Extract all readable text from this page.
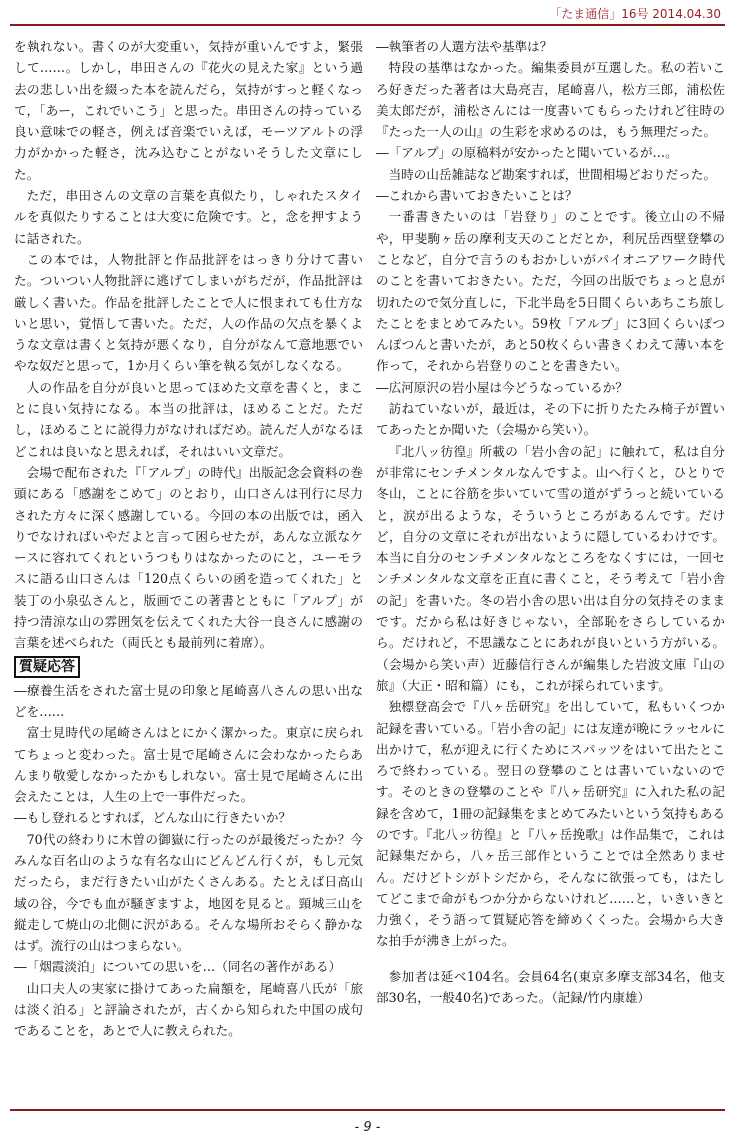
「たま通信」16号 2014.04.30

を執れない。書くのが大変重い，気持が重いんですよ，緊張して……。しかし，串田さんの『花火の見えた家』という過去の悲しい出を綴った本を読んだら，気持がすっと軽くなって，「あー，これでいこう」と思った。串田さんの持っている良い意味での軽さ，例えば音楽でいえば，モーツアルトの浮力がかかった軽さ，沈み込むことがないそうした文章にした。

ただ，串田さんの文章の言葉を真似たり，しゃれたスタイルを真似たりすることは大変に危険です。と，念を押すように話された。

この本では，人物批評と作品批評をはっきり分けて書いた。ついつい人物批評に逃げてしまいがちだが，作品批評は厳しく書いた。作品を批評したことで人に恨まれても仕方ないと思い，覚悟して書いた。ただ，人の作品の欠点を暴くような文章は書くと気持が悪くなり，自分がなんて意地悪でいやな奴だと思って，1か月くらい筆を執る気がしなくなる。

人の作品を自分が良いと思ってほめた文章を書くと，まことに良い気持になる。本当の批評は，ほめることだ。ただし，ほめることに説得力がなければだめ。読んだ人がなるほどこれは良いなと思えれば，それはいい文章だ。

会場で配布された『「アルプ」の時代』出版記念会資料の巻頭にある「感謝をこめて」のとおり，山口さんは刊行に尽力された方々に深く感謝している。今回の本の出版では，函入りでなければいやだよと言って困らせたが，あんな立派なケースに容れてくれというつもりはなかったのにと，ユーモラスに語る山口さんは「120点くらいの函を造ってくれた」と装丁の小泉弘さんと，版画でこの著書とともに「アルプ」が持つ清涼な山の雰囲気を伝えてくれた大谷一良さんに感謝の言葉を述べられた（両氏とも最前列に着席）。

質疑応答

―療養生活をされた富士見の印象と尾崎喜八さんの思い出などを……

富士見時代の尾崎さんはとにかく潔かった。東京に戻られてちょっと変わった。富士見で尾崎さんに会わなかったらあんまり敬愛しなかったかもしれない。富士見で尾崎さんに出会えたことは，人生の上で一事件だった。

―もし登れるとすれば，どんな山に行きたいか？

70代の終わりに木曽の御嶽に行ったのが最後だったか？今みんな百名山のような有名な山にどんどん行くが，もし元気だったら，まだ行きたい山がたくさんある。たとえば日高山域の谷，今でも血が騒ぎますよ，地図を見ると。頸城三山を縦走して焼山の北側に沢がある。そんな場所おそらく静かなはず。流行の山はつまらない。

―「烟霞淡泊」についての思いを…（同名の著作がある）

山口夫人の実家に掛けてあった扁額を，尾崎喜八氏が「旅は淡く泊る」と評論されたが，古くから知られた中国の成句であることを，あとで人に教えられた。

―執筆者の人選方法や基準は？

特段の基準はなかった。編集委員が互選した。私の若いころ好きだった著者は大島亮吉，尾崎喜八，松方三郎，浦松佐美太郎だが，浦松さんには一度書いてもらったけれど往時の『たった一人の山』の生彩を求めるのは，もう無理だった。

―「アルプ」の原稿料が安かったと聞いているが…。

当時の山岳雑誌など勘案すれば，世間相場どおりだった。

―これから書いておきたいことは？

一番書きたいのは「岩登り」のことです。後立山の不帰や，甲斐駒ヶ岳の摩利支天のことだとか，利尻岳西壁登攀のことなど，自分で言うのもおかしいがパイオニアワーク時代のことを書いておきたい。ただ，今回の出版でちょっと息が切れたので気分直しに，下北半島を5日間くらいあちこち旅したことをまとめてみたい。59枚「アルプ」に3回くらいぽつんぽつんと書いたが，あと50枚くらい書きくわえて薄い本を作って，それから岩登りのことを書きたい。

―広河原沢の岩小屋は今どうなっているか？

訪ねていないが，最近は，その下に折りたたみ椅子が置いてあったとか聞いた（会場から笑い）。

『北八ッ彷徨』所載の「岩小舎の記」に触れて，私は自分が非常にセンチメンタルなんですよ。山へ行くと，ひとりで冬山，ことに谷筋を歩いていて雪の道がずうっと続いていると，涙が出るような，そういうところがあるんです。だけど，自分の文章にそれが出ないように隠しているわけです。本当に自分のセンチメンタルなところをなくすには，一回センチメンタルな文章を正直に書くこと，そう考えて「岩小舎の記」を書いた。冬の岩小舎の思い出は自分の気持そのままです。だから私は好きじゃない，全部恥をさらしているから。だけれど，不思議なことにあれが良いという方がいる。（会場から笑い声）近藤信行さんが編集した岩波文庫『山の旅』（大正・昭和篇）にも，これが採られています。

独標登高会で『八ヶ岳研究』を出していて，私もいくつか記録を書いている。「岩小舎の記」には友達が晩にラッセルに出かけて，私が迎えに行くためにスパッツをはいて出たところで終わっている。翌日の登攀のことは書いていないのです。そのときの登攀のことや『八ヶ岳研究』に入れた私の記録を含めて，1冊の記録集をまとめてみたいという気持もあるのです。『北八ッ彷徨』と『八ヶ岳挽歌』は作品集で，これは記録集だから，八ヶ岳三部作ということでは全然ありません。だけどトシがトシだから，そんなに欲張っても，はたしてどこまで命がもつか分からないけれど……と，いきいきと力強く，そう語って質疑応答を締めくくった。会場から大きな拍手が沸き上がった。

参加者は延べ104名。会員64名(東京多摩支部34名，他支部30名，一般40名)であった。（記録/竹内康雄）

- 9 -
